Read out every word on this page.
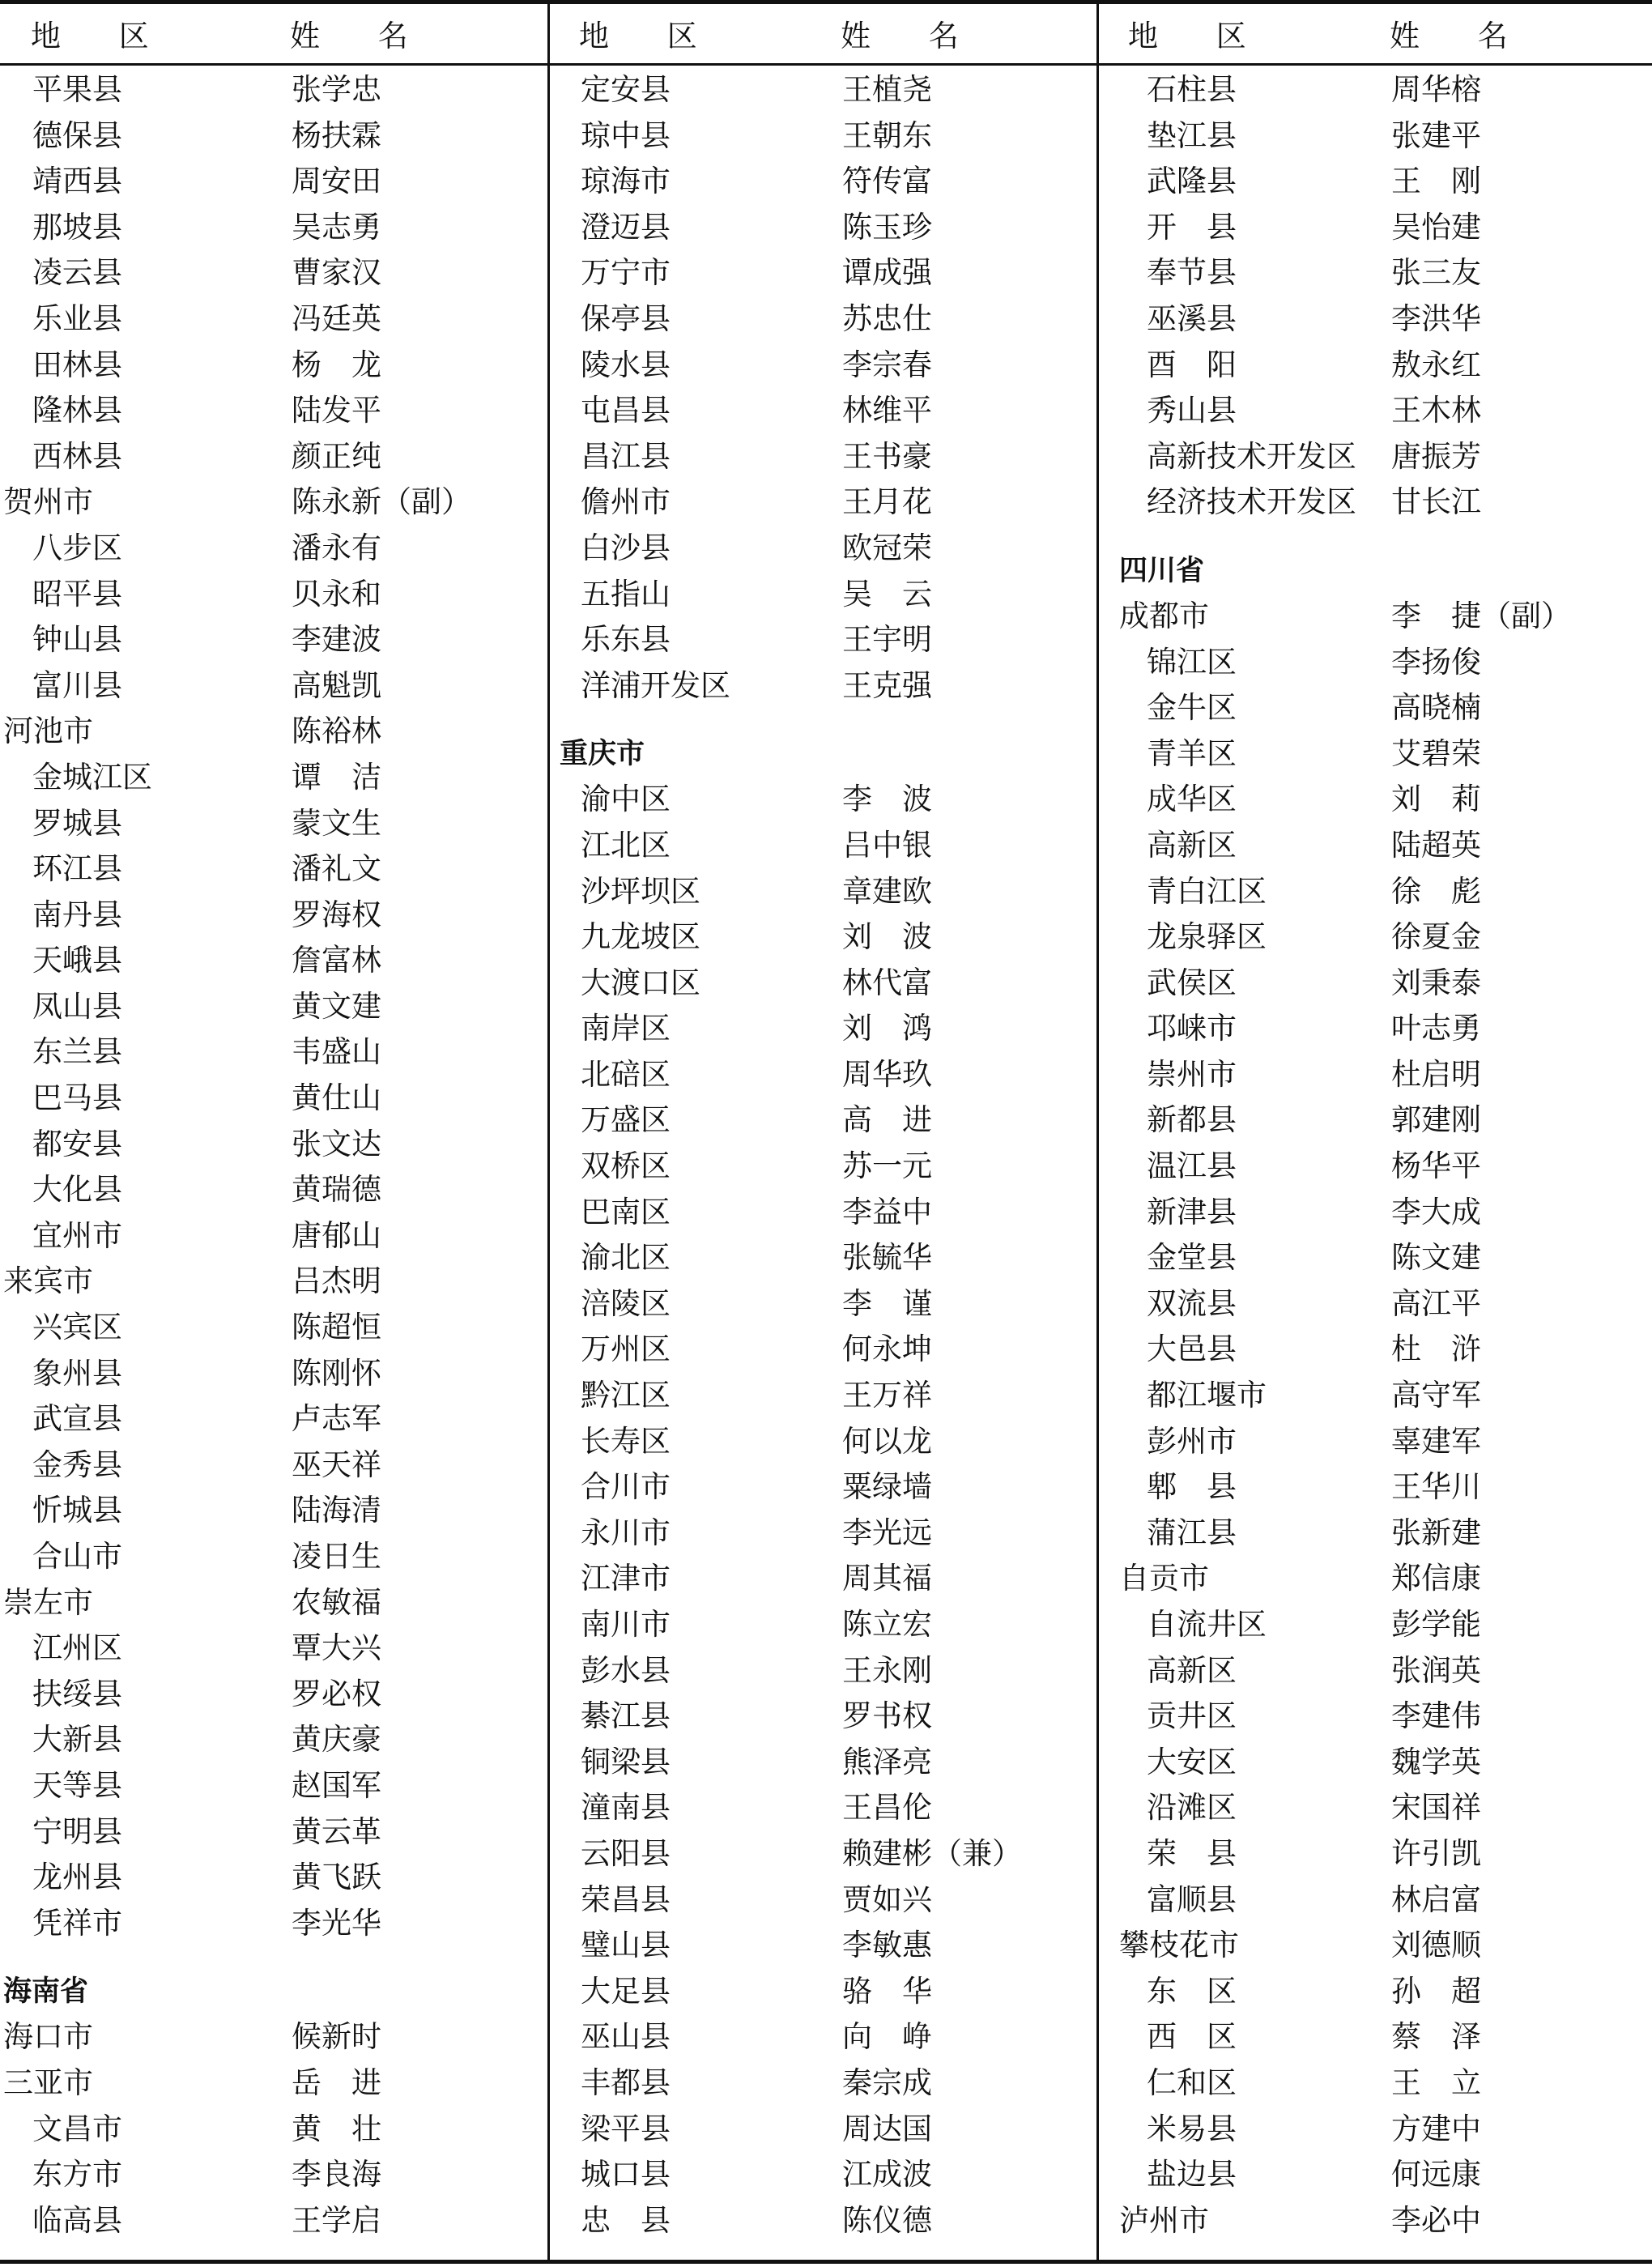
地 区	姓 名
平果县	张学忠
德保县	杨扶霖
靖西县	周安田
那坡县	吴志勇
凌云县	曹家汉
乐业县	冯廷英
田林县	杨　龙
隆林县	陆发平
西林县	颜正纯
贺州市	陈永新（副）
八步区	潘永有
昭平县	贝永和
钟山县	李建波
富川县	高魁凯
河池市	陈裕林
金城江区	谭　洁
罗城县	蒙文生
环江县	潘礼文
南丹县	罗海权
天峨县	詹富林
凤山县	黄文建
东兰县	韦盛山
巴马县	黄仕山
都安县	张文达
大化县	黄瑞德
宜州市	唐郁山
来宾市	吕杰明
兴宾区	陈超恒
象州县	陈刚怀
武宣县	卢志军
金秀县	巫天祥
忻城县	陆海清
合山市	凌日生
崇左市	农敏福
江州区	覃大兴
扶绥县	罗必权
大新县	黄庆豪
天等县	赵国军
宁明县	黄云革
龙州县	黄飞跃
凭祥市	李光华
海南省
海口市	候新时
三亚市	岳　进
文昌市	黄　壮
东方市	李良海
临高县	王学启
地 区	姓 名
定安县	王植尧
琼中县	王朝东
琼海市	符传富
澄迈县	陈玉珍
万宁市	谭成强
保亭县	苏忠仕
陵水县	李宗春
屯昌县	林维平
昌江县	王书豪
儋州市	王月花
白沙县	欧冠荣
五指山	吴　云
乐东县	王宇明
洋浦开发区	王克强
重庆市
渝中区	李　波
江北区	吕中银
沙坪坝区	章建欧
九龙坡区	刘　波
大渡口区	林代富
南岸区	刘　鸿
北碚区	周华玖
万盛区	高　进
双桥区	苏一元
巴南区	李益中
渝北区	张毓华
涪陵区	李　谨
万州区	何永坤
黔江区	王万祥
长寿区	何以龙
合川市	粟绿墙
永川市	李光远
江津市	周其福
南川市	陈立宏
彭水县	王永刚
綦江县	罗书权
铜梁县	熊泽亮
潼南县	王昌伦
云阳县	赖建彬（兼）
荣昌县	贾如兴
璧山县	李敏惠
大足县	骆　华
巫山县	向　峥
丰都县	秦宗成
梁平县	周达国
城口县	江成波
忠　县	陈仪德
地 区	姓 名
石柱县	周华榕
垫江县	张建平
武隆县	王　刚
开　县	吴怡建
奉节县	张三友
巫溪县	李洪华
酉　阳	敖永红
秀山县	王木林
高新技术开发区 唐振芳
经济技术开发区 甘长江
四川省
成都市	李　捷（副）
锦江区	李扬俊
金牛区	高晓楠
青羊区	艾碧荣
成华区	刘　莉
高新区	陆超英
青白江区	徐　彪
龙泉驿区	徐夏金
武侯区	刘秉泰
邛崃市	叶志勇
崇州市	杜启明
新都县	郭建刚
温江县	杨华平
新津县	李大成
金堂县	陈文建
双流县	高江平
大邑县	杜　浒
都江堰市	高守军
彭州市	辜建军
郫　县	王华川
蒲江县	张新建
自贡市	郑信康
自流井区	彭学能
高新区	张润英
贡井区	李建伟
大安区	魏学英
沿滩区	宋国祥
荣　县	许引凯
富顺县	林启富
攀枝花市	刘德顺
东　区	孙　超
西　区	蔡　泽
仁和区	王　立
米易县	方建中
盐边县	何远康
泸州市	李必中
